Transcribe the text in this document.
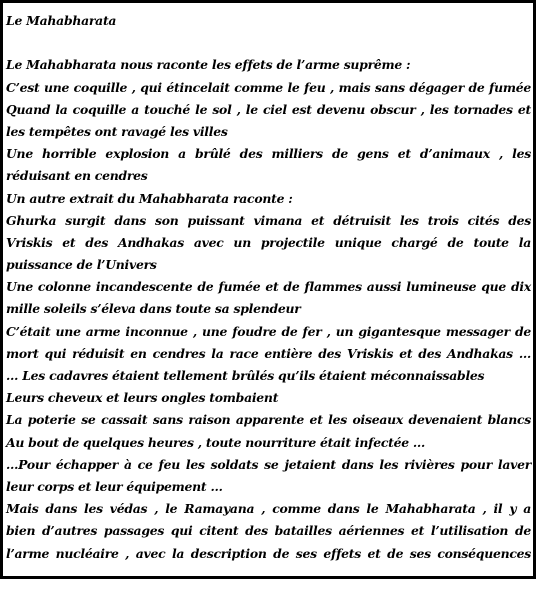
Le Mahabharata
Le Mahabharata nous raconte les effets de l’arme suprême :
C’est une coquille , qui étincelait comme le feu , mais sans dégager de fumée
Quand la coquille a touché le sol , le ciel est devenu obscur , les tornades et
les tempêtes ont ravagé les villes
Une horrible explosion a brûlé des milliers de gens et d’animaux , les
réduisant en cendres
Un autre extrait du Mahabharata raconte :
Ghurka surgit dans son puissant vimana et détruisit les trois cités des
Vriskis et des Andhakas avec un projectile unique chargé de toute la
puissance de l’Univers
Une colonne incandescente de fumée et de flammes aussi lumineuse que dix
mille soleils s’éleva dans toute sa splendeur
C’était une arme inconnue , une foudre de fer , un gigantesque messager de
mort qui réduisit en cendres la race entière des Vriskis et des Andhakas …
… Les cadavres étaient tellement brûlés qu’ils étaient méconnaissables
Leurs cheveux et leurs ongles tombaient
La poterie se cassait sans raison apparente et les oiseaux devenaient blancs
Au bout de quelques heures , toute nourriture était infectée …
…Pour échapper à ce feu les soldats se jetaient dans les rivières pour laver
leur corps et leur équipement …
Mais dans les védas , le Ramayana , comme dans le Mahabharata , il y a
bien d’autres passages qui citent des batailles aériennes et l’utilisation de
l’arme nucléaire , avec la description de ses effets et de ses conséquences
